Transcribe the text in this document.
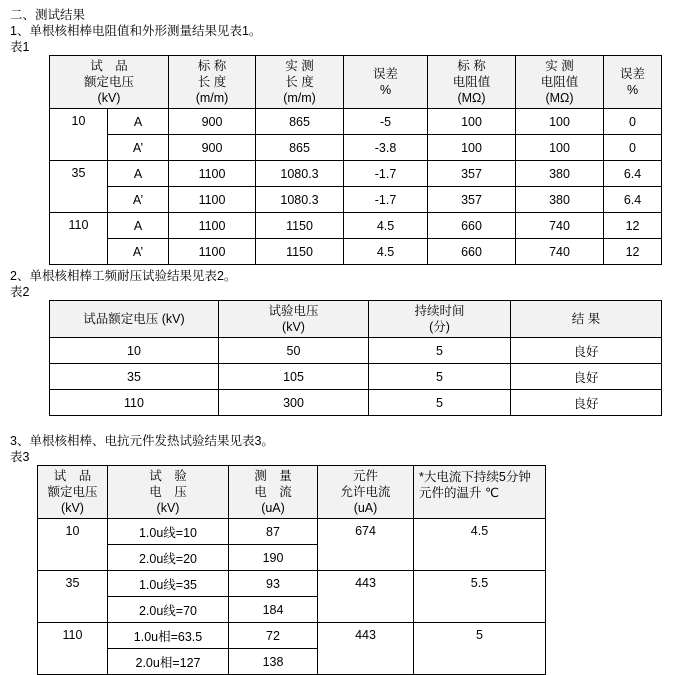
二、测试结果

1、单根核相棒电阻值和外形测量结果见表1。

表1

试　品
额定电压
(kV)

标 称
长 度
(m/m)

实 测
长 度
(m/m)

误差
%

标 称
电阻值
(MΩ)

实 测
电阻值
(MΩ)

误差
%

10	A	900	865	-5	100	100	0
	A’	900	865	-3.8	100	100	0
35	A	1100	1080.3	-1.7	357	380	6.4
	A’	1100	1080.3	-1.7	357	380	6.4
110	A	1100	1150	4.5	660	740	12
	A’	1100	1150	4.5	660	740	12

2、单根核相棒工频耐压试验结果见表2。

表2

试品额定电压 (kV)

试验电压
(kV)

持续时间
(分)

结 果

10	50	5	良好
35	105	5	良好
110	300	5	良好

3、单根核相棒、电抗元件发热试验结果见表3。

表3

试　品
额定电压
(kV)

试　验
电　压
(kV)

测　量
电　流
(uA)

元件
允许电流
(uA)

*大电流下持续5分钟
元件的温升 ℃

10	1.0u线=10	87	674	4.5
	2.0u线=20	190		
35	1.0u线=35	93	443	5.5
	2.0u线=70	184		
110	1.0u相=63.5	72	443	5
	2.0u相=127	138		
